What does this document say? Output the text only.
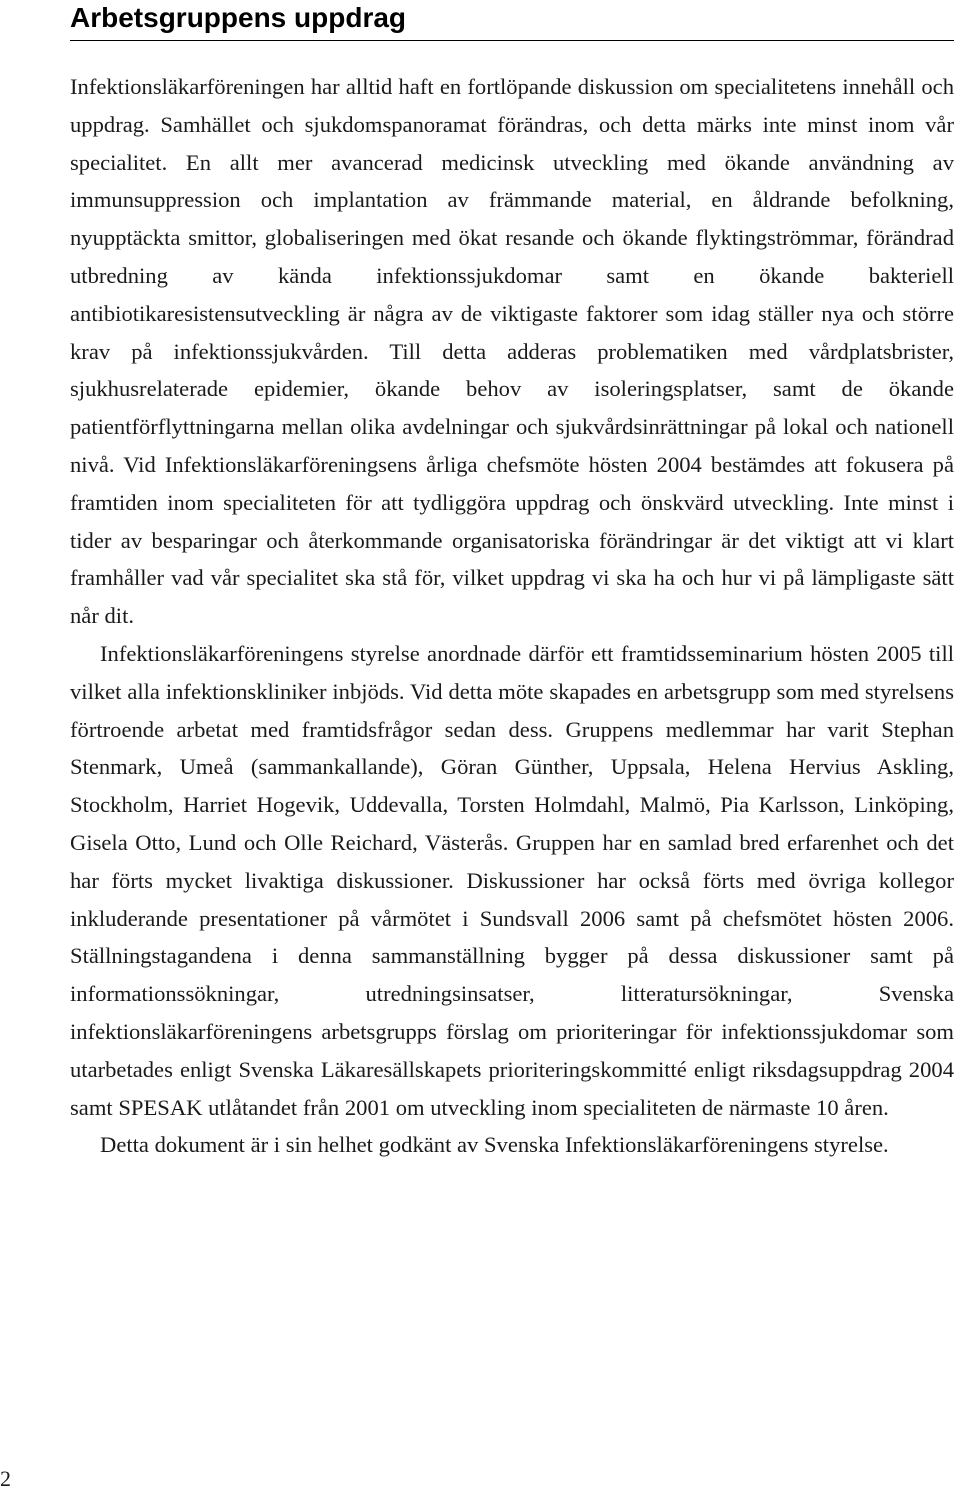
Arbetsgruppens uppdrag

Infektionsläkarföreningen har alltid haft en fortlöpande diskussion om specialitetens innehåll och uppdrag. Samhället och sjukdomspanoramat förändras, och detta märks inte minst inom vår specialitet. En allt mer avancerad medicinsk utveckling med ökande användning av immunsuppression och implantation av främmande material, en åldrande befolkning, nyupptäckta smittor, globaliseringen med ökat resande och ökande flyktingströmmar, förändrad utbredning av kända infektionssjukdomar samt en ökande bakteriell antibiotikaresistensutveckling är några av de viktigaste faktorer som idag ställer nya och större krav på infektionssjukvården. Till detta adderas problematiken med vårdplatsbrister, sjukhusrelaterade epidemier, ökande behov av isoleringsplatser, samt de ökande patientförflyttningarna mellan olika avdelningar och sjukvårdsinrättningar på lokal och nationell nivå. Vid Infektionsläkarföreningsens årliga chefsmöte hösten 2004 bestämdes att fokusera på framtiden inom specialiteten för att tydliggöra uppdrag och önskvärd utveckling. Inte minst i tider av besparingar och återkommande organisatoriska förändringar är det viktigt att vi klart framhåller vad vår specialitet ska stå för, vilket uppdrag vi ska ha och hur vi på lämpligaste sätt når dit.

Infektionsläkarföreningens styrelse anordnade därför ett framtidsseminarium hösten 2005 till vilket alla infektionskliniker inbjöds. Vid detta möte skapades en arbetsgrupp som med styrelsens förtroende arbetat med framtidsfrågor sedan dess. Gruppens medlemmar har varit Stephan Stenmark, Umeå (sammankallande), Göran Günther, Uppsala, Helena Hervius Askling, Stockholm, Harriet Hogevik, Uddevalla, Torsten Holmdahl, Malmö, Pia Karlsson, Linköping, Gisela Otto, Lund och Olle Reichard, Västerås. Gruppen har en samlad bred erfarenhet och det har förts mycket livaktiga diskussioner. Diskussioner har också förts med övriga kollegor inkluderande presentationer på vårmötet i Sundsvall 2006 samt på chefsmötet hösten 2006. Ställningstagandena i denna sammanställning bygger på dessa diskussioner samt på informationssökningar, utredningsinsatser, litteratursökningar, Svenska infektionsläkarföreningens arbetsgrupps förslag om prioriteringar för infektionssjukdomar som utarbetades enligt Svenska Läkaresällskapets prioriteringskommitté enligt riksdagsuppdrag 2004 samt SPESAK utlåtandet från 2001 om utveckling inom specialiteten de närmaste 10 åren.

Detta dokument är i sin helhet godkänt av Svenska Infektionsläkarföreningens styrelse.

2
